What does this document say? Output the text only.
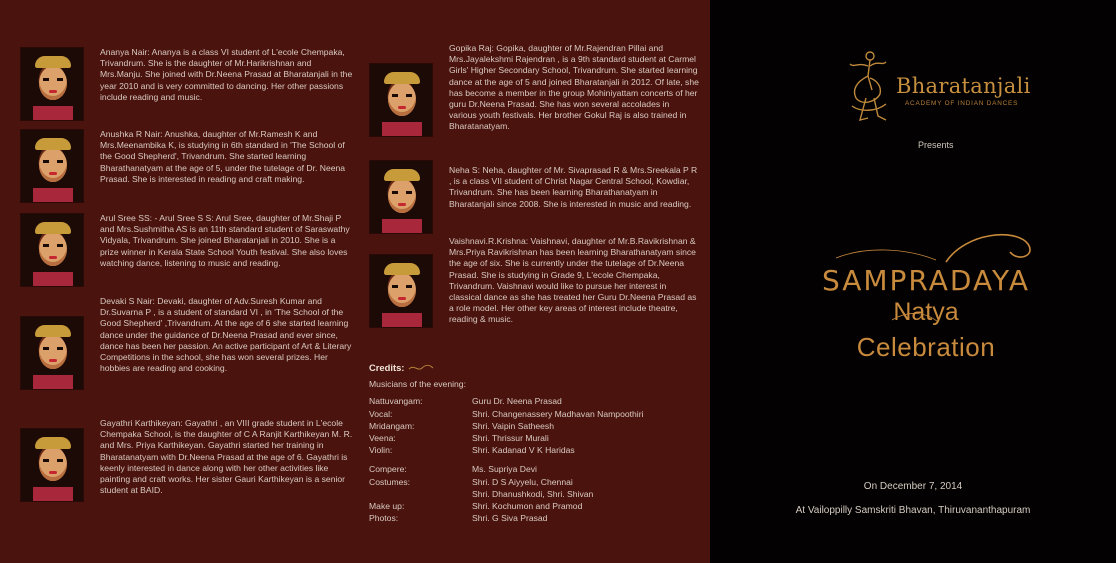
Ananya Nair: Ananya is a class VI student of L'ecole Chempaka, Trivandrum. She is the daughter of Mr.Harikrishnan and Mrs.Manju. She joined with Dr.Neena Prasad at Bharatanjali in the year 2010 and is very committed to dancing. Her other passions include reading and music.
Anushka R Nair: Anushka, daughter of Mr.Ramesh K and Mrs.Meenambika K, is studying in 6th standard in 'The School of the Good Shepherd', Trivandrum. She started learning Bharathanatyam at the age of 5, under the tutelage of Dr. Neena Prasad. She is interested in reading and craft making.
Arul Sree SS: - Arul Sree S S: Arul Sree, daughter of Mr.Shaji P and Mrs.Sushmitha AS is an 11th standard student of Saraswathy Vidyala, Trivandrum. She joined Bharatanjali in 2010. She is a prize winner in Kerala State School Youth festival. She also loves watching dance, listening to music and reading.
Devaki S Nair: Devaki, daughter of Adv.Suresh Kumar and Dr.Suvarna P , is a student of standard VI , in 'The School of the Good Shepherd' ,Trivandrum. At the age of 6 she started learning dance under the guidance of Dr.Neena Prasad and ever since, dance has been her passion. An active participant of Art & Literary Competitions in the school, she has won several prizes. Her hobbies are reading and cooking.
Gayathri Karthikeyan: Gayathri , an VIII grade student in L'ecole Chempaka School, is the daughter of C A Ranjit Karthikeyan M. R. and Mrs. Priya Karthikeyan. Gayathri started her training in Bharatanatyam with Dr.Neena Prasad at the age of 6. Gayathri is keenly interested in dance along with her other activities like painting and craft works. Her sister Gauri Karthikeyan is a senior student at BAID.
Gopika Raj: Gopika, daughter of Mr.Rajendran Pillai and Mrs.Jayalekshmi Rajendran , is a 9th standard student at Carmel Girls' Higher Secondary School, Trivandrum. She started learning dance at the age of 5 and joined Bharatanjali in 2012. Of late, she has become a member in the group Mohiniyattam concerts of her guru Dr.Neena Prasad. She has won several accolades in various youth festivals. Her brother Gokul Raj is also trained in Bharatanatyam.
Neha S: Neha, daughter of Mr. Sivaprasad R & Mrs.Sreekala P R , is a class VII student of Christ Nagar Central School, Kowdiar, Trivandrum. She has been learning Bharathanatyam in Bharatanjali since 2008. She is interested in music and reading.
Vaishnavi.R.Krishna: Vaishnavi, daughter of Mr.B.Ravikrishnan & Mrs.Priya Ravikrishnan has been learning Bharathanatyam since the age of six. She is currently under the tutelage of Dr.Neena Prasad. She is studying in Grade 9, L'ecole Chempaka, Trivandrum. Vaishnavi would like to pursue her interest in classical dance as she has treated her Guru Dr.Neena Prasad as a role model. Her other key areas of interest include theatre, reading & music.
Credits:
Musicians of the evening:
Nattuvangam:	Guru Dr. Neena Prasad
Vocal:	Shri. Changenassery Madhavan Nampoothiri
Mridangam:	Shri. Vaipin Satheesh
Veena:	Shri. Thrissur Murali
Violin:	Shri. Kadanad V K Haridas
Compere:	Ms. Supriya Devi
Costumes:	Shri. D S Aiyyelu, Chennai
Shri. Dhanushkodi, Shri. Shivan
Make up:	Shri. Kochumon and Pramod
Photos:	Shri. G Siva Prasad
Bharatanjali
ACADEMY OF INDIAN DANCES
Presents
SAMPRADAYA
Natya
Celebration
On December 7, 2014
At Vailoppilly Samskriti Bhavan, Thiruvananthapuram
